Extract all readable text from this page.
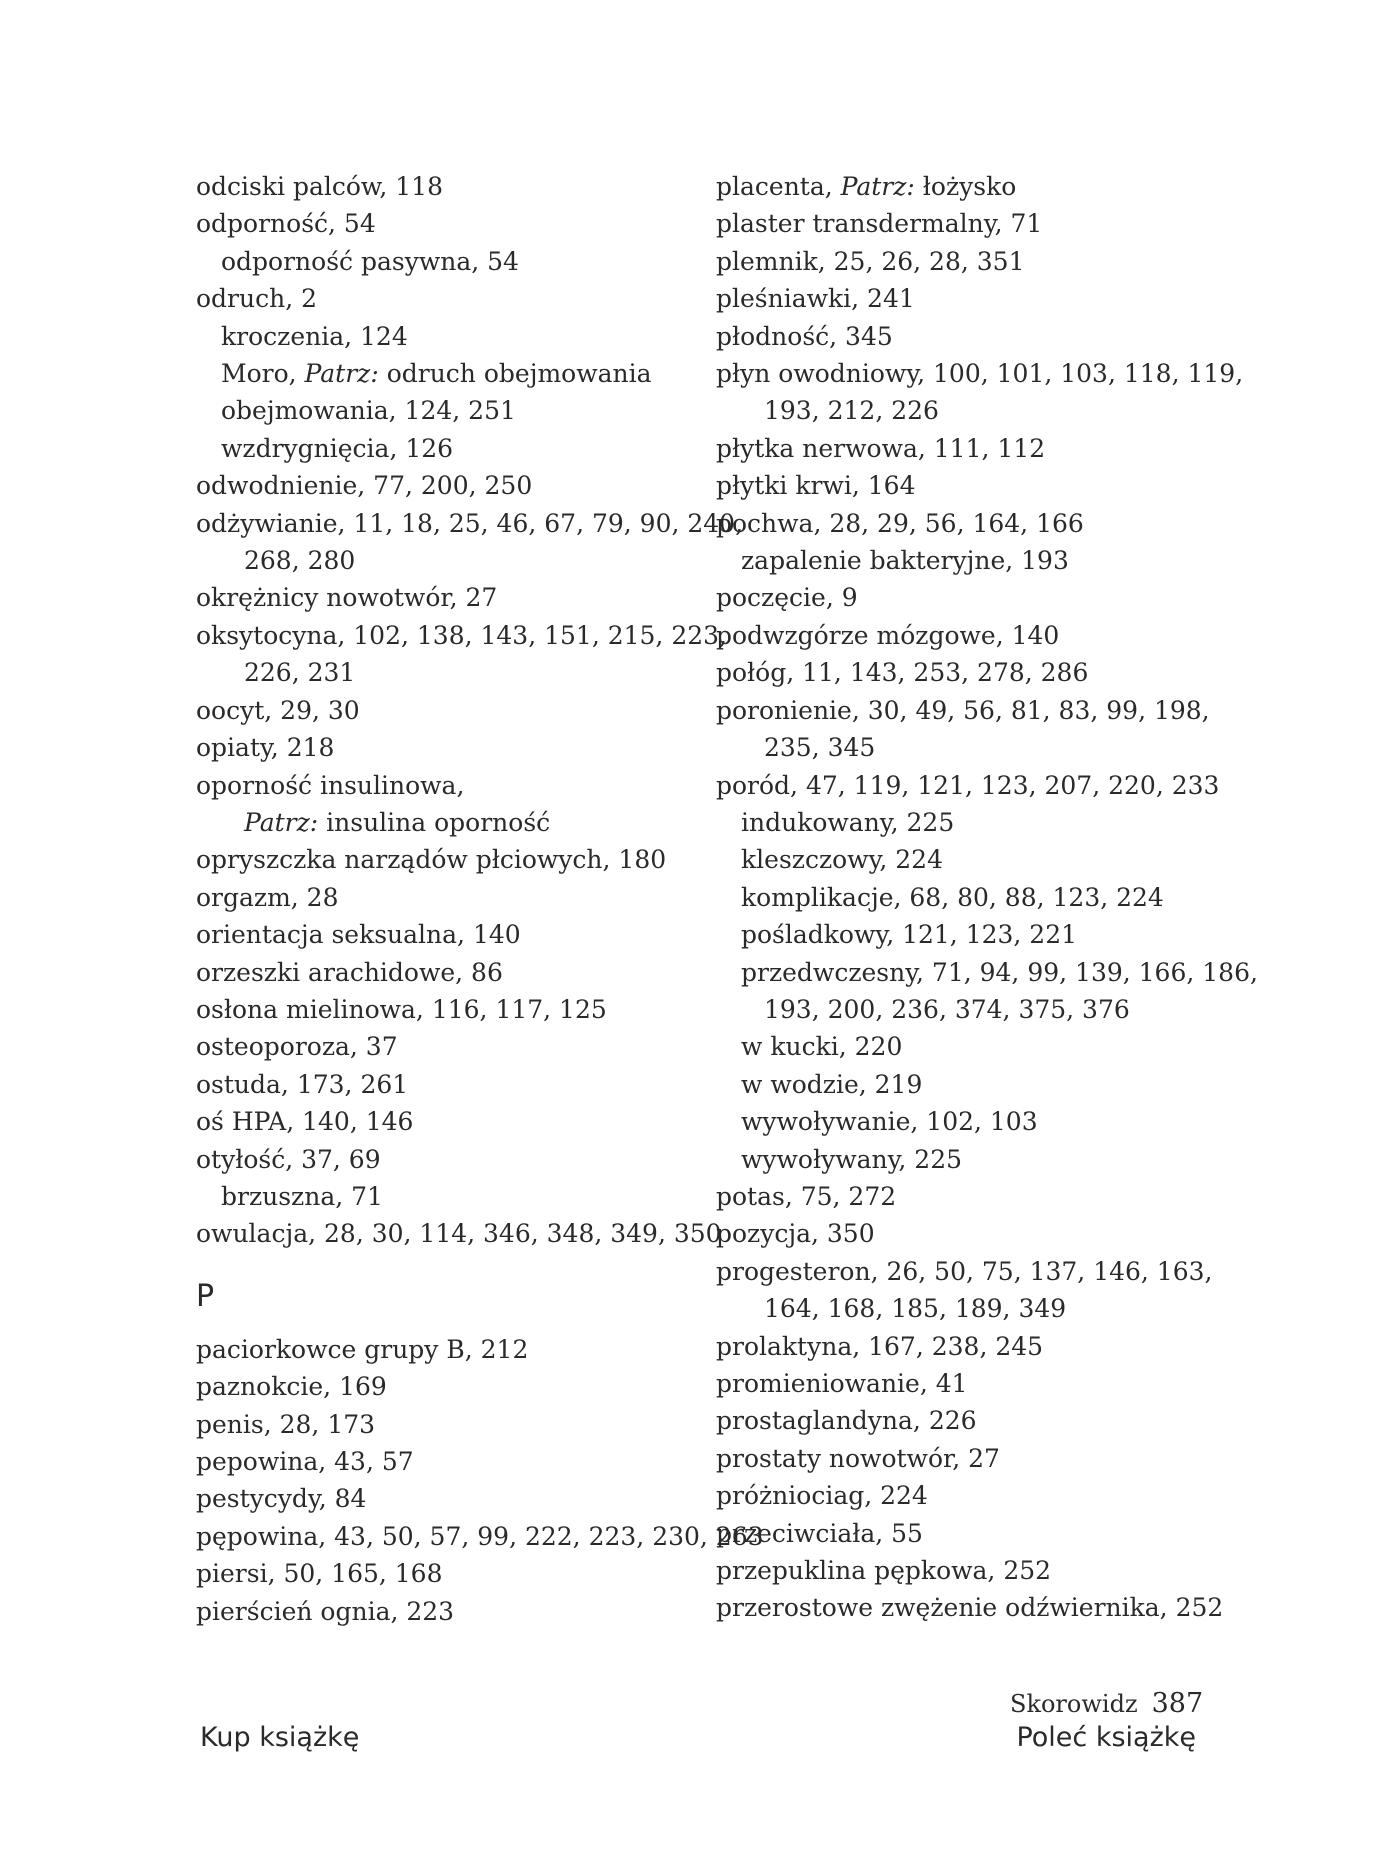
odciski palców, 118
odporność, 54
odporność pasywna, 54
odruch, 2
kroczenia, 124
Moro, Patrz: odruch obejmowania
obejmowania, 124, 251
wzdrygnięcia, 126
odwodnienie, 77, 200, 250
odżywianie, 11, 18, 25, 46, 67, 79, 90, 240,
268, 280
okrężnicy nowotwór, 27
oksytocyna, 102, 138, 143, 151, 215, 223,
226, 231
oocyt, 29, 30
opiaty, 218
oporność insulinowa,
Patrz: insulina oporność
opryszczka narządów płciowych, 180
orgazm, 28
orientacja seksualna, 140
orzeszki arachidowe, 86
osłona mielinowa, 116, 117, 125
osteoporoza, 37
ostuda, 173, 261
oś HPA, 140, 146
otyłość, 37, 69
brzuszna, 71
owulacja, 28, 30, 114, 346, 348, 349, 350
P
paciorkowce grupy B, 212
paznokcie, 169
penis, 28, 173
pepowina, 43, 57
pestycydy, 84
pępowina, 43, 50, 57, 99, 222, 223, 230, 263
piersi, 50, 165, 168
pierścień ognia, 223
placenta, Patrz: łożysko
plaster transdermalny, 71
plemnik, 25, 26, 28, 351
pleśniawki, 241
płodność, 345
płyn owodniowy, 100, 101, 103, 118, 119,
193, 212, 226
płytka nerwowa, 111, 112
płytki krwi, 164
pochwa, 28, 29, 56, 164, 166
zapalenie bakteryjne, 193
poczęcie, 9
podwzgórze mózgowe, 140
połóg, 11, 143, 253, 278, 286
poronienie, 30, 49, 56, 81, 83, 99, 198,
235, 345
poród, 47, 119, 121, 123, 207, 220, 233
indukowany, 225
kleszczowy, 224
komplikacje, 68, 80, 88, 123, 224
pośladkowy, 121, 123, 221
przedwczesny, 71, 94, 99, 139, 166, 186,
193, 200, 236, 374, 375, 376
w kucki, 220
w wodzie, 219
wywoływanie, 102, 103
wywoływany, 225
potas, 75, 272
pozycja, 350
progesteron, 26, 50, 75, 137, 146, 163,
164, 168, 185, 189, 349
prolaktyna, 167, 238, 245
promieniowanie, 41
prostaglandyna, 226
prostaty nowotwór, 27
próżniociag, 224
przeciwciała, 55
przepuklina pępkowa, 252
przerostowe zwężenie odźwiernika, 252
Skorowidz 387
Kup książkę	Poleć książkę
